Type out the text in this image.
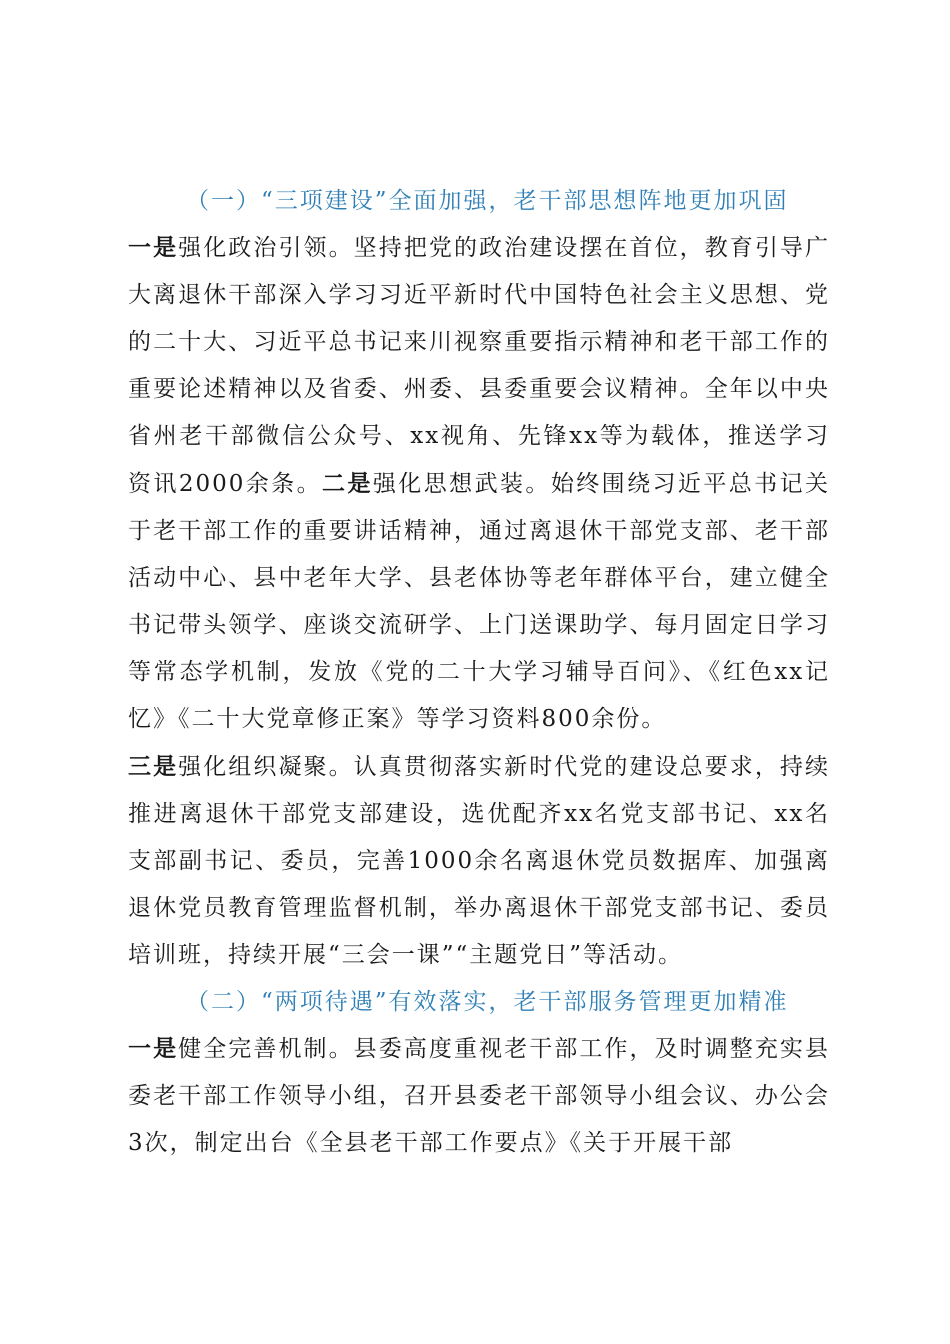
（一）“三项建设”全面加强，老干部思想阵地更加巩固

一是强化政治引领。坚持把党的政治建设摆在首位，教育引导广大离退休干部深入学习习近平新时代中国特色社会主义思想、党的二十大、习近平总书记来川视察重要指示精神和老干部工作的重要论述精神以及省委、州委、县委重要会议精神。全年以中央省州老干部微信公众号、xx视角、先锋xx等为载体，推送学习资讯2000余条。二是强化思想武装。始终围绕习近平总书记关于老干部工作的重要讲话精神，通过离退休干部党支部、老干部活动中心、县中老年大学、县老体协等老年群体平台，建立健全书记带头领学、座谈交流研学、上门送课助学、每月固定日学习等常态学机制，发放《党的二十大学习辅导百问》、《红色xx记忆》《二十大党章修正案》等学习资料800余份。
三是强化组织凝聚。认真贯彻落实新时代党的建设总要求，持续推进离退休干部党支部建设，选优配齐xx名党支部书记、xx名支部副书记、委员，完善1000余名离退休党员数据库、加强离退休党员教育管理监督机制，举办离退休干部党支部书记、委员培训班，持续开展“三会一课”“主题党日”等活动。

（二）“两项待遇”有效落实，老干部服务管理更加精准

一是健全完善机制。县委高度重视老干部工作，及时调整充实县委老干部工作领导小组，召开县委老干部领导小组会议、办公会3次，制定出台《全县老干部工作要点》《关于开展干部
